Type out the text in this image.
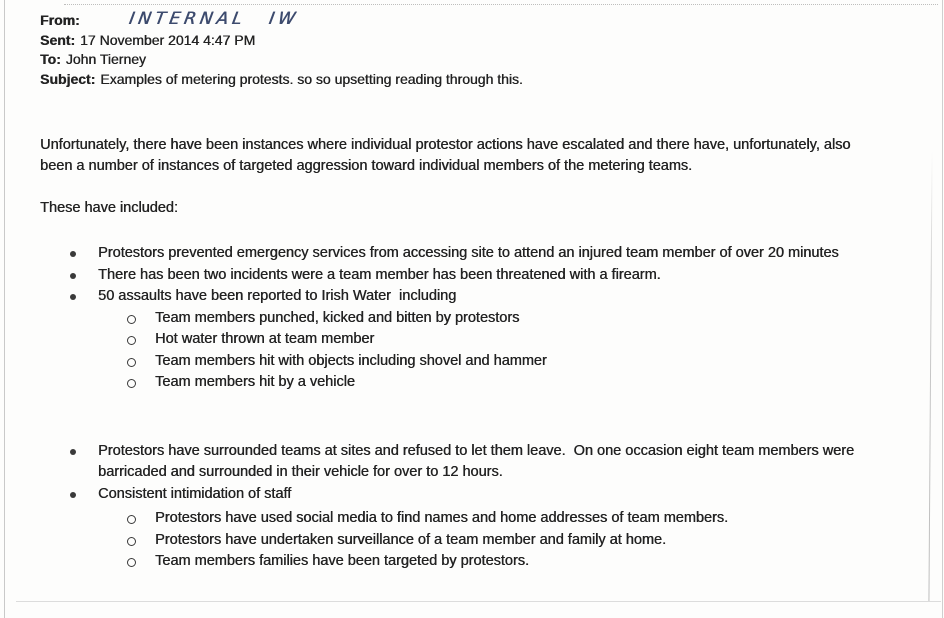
From:	INTERNAL IW
Sent: 17 November 2014 4:47 PM
To: John Tierney
Subject: Examples of metering protests. so so upsetting reading through this.

Unfortunately, there have been instances where individual protestor actions have escalated and there have, unfortunately, also been a number of instances of targeted aggression toward individual members of the metering teams.

These have included:

Protestors prevented emergency services from accessing site to attend an injured team member of over 20 minutes
There has been two incidents were a team member has been threatened with a firearm.
50 assaults have been reported to Irish Water  including
Team members punched, kicked and bitten by protestors
Hot water thrown at team member
Team members hit with objects including shovel and hammer
Team members hit by a vehicle
Protestors have surrounded teams at sites and refused to let them leave.  On one occasion eight team members were barricaded and surrounded in their vehicle for over to 12 hours.
Consistent intimidation of staff
Protestors have used social media to find names and home addresses of team members.
Protestors have undertaken surveillance of a team member and family at home.
Team members families have been targeted by protestors.
